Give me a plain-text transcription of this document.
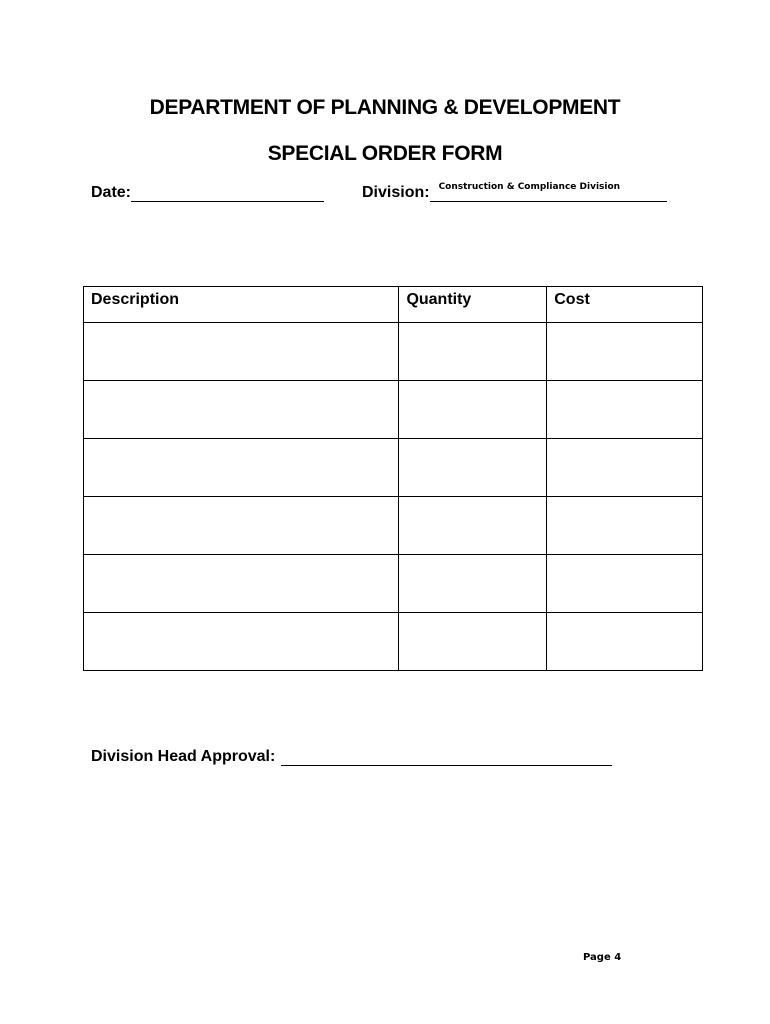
DEPARTMENT OF PLANNING & DEVELOPMENT
SPECIAL ORDER FORM
Date:	Division: Construction & Compliance Division
Description	Quantity	Cost

Division Head Approval:
Page 4
